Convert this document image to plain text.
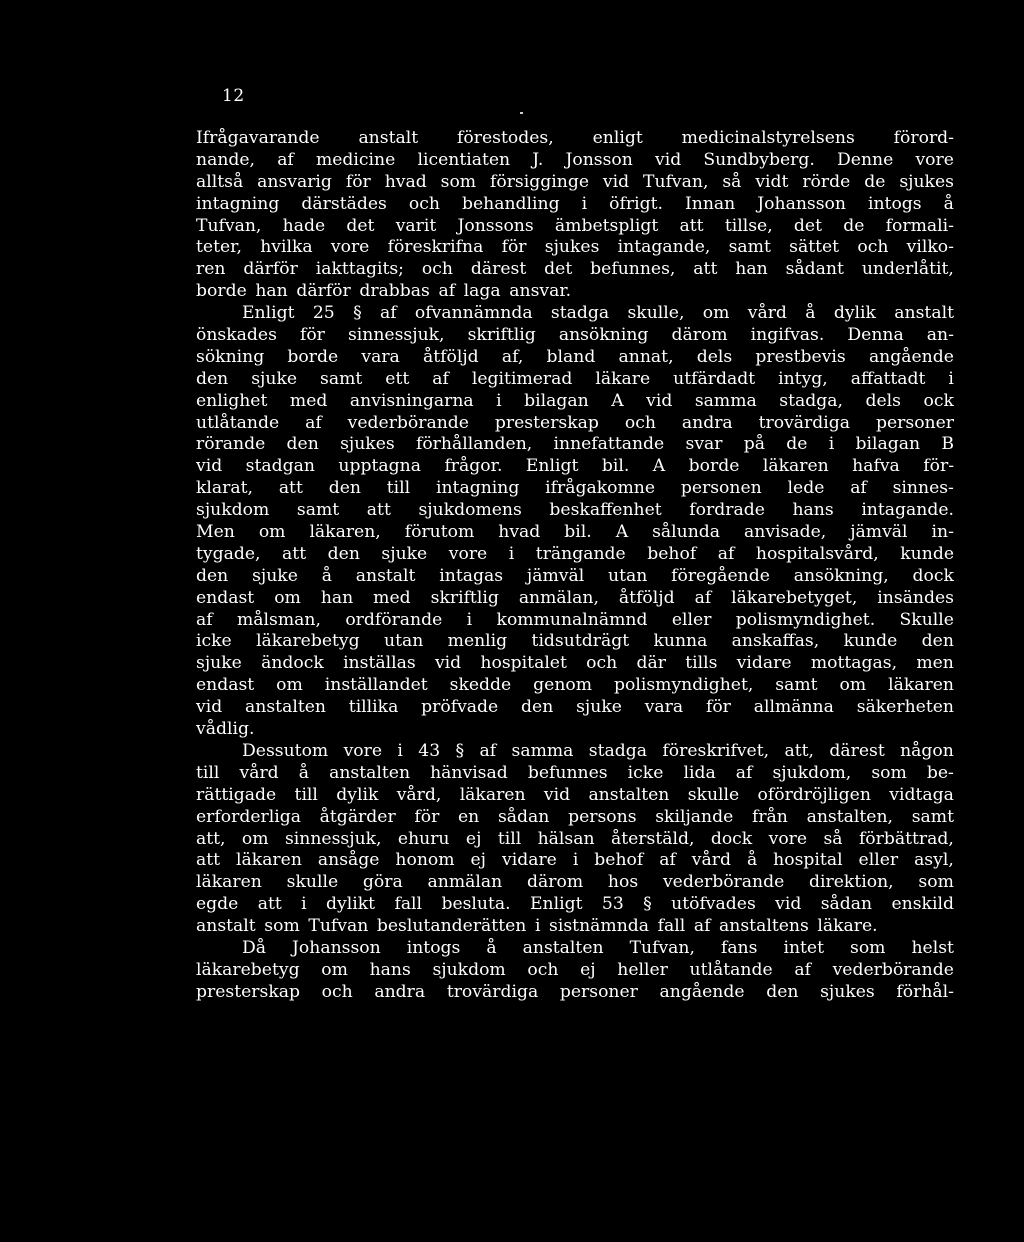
12
Ifrågavarande anstalt förestodes, enligt medicinalstyrelsens förord-
nande, af medicine licentiaten J. Jonsson vid Sundbyberg. Denne vore
alltså ansvarig för hvad som försigginge vid Tufvan, så vidt rörde de sjukes
intagning därstädes och behandling i öfrigt. Innan Johansson intogs å
Tufvan, hade det varit Jonssons ämbetspligt att tillse, det de formali-
teter, hvilka vore föreskrifna för sjukes intagande, samt sättet och vilko-
ren därför iakttagits; och därest det befunnes, att han sådant underlåtit,
borde han därför drabbas af laga ansvar.
Enligt 25 § af ofvannämnda stadga skulle, om vård å dylik anstalt
önskades för sinnessjuk, skriftlig ansökning därom ingifvas. Denna an-
sökning borde vara åtföljd af, bland annat, dels prestbevis angående
den sjuke samt ett af legitimerad läkare utfärdadt intyg, affattadt i
enlighet med anvisningarna i bilagan A vid samma stadga, dels ock
utlåtande af vederbörande presterskap och andra trovärdiga personer
rörande den sjukes förhållanden, innefattande svar på de i bilagan B
vid stadgan upptagna frågor. Enligt bil. A borde läkaren hafva för-
klarat, att den till intagning ifrågakomne personen lede af sinnes-
sjukdom samt att sjukdomens beskaffenhet fordrade hans intagande.
Men om läkaren, förutom hvad bil. A sålunda anvisade, jämväl in-
tygade, att den sjuke vore i trängande behof af hospitalsvård, kunde
den sjuke å anstalt intagas jämväl utan föregående ansökning, dock
endast om han med skriftlig anmälan, åtföljd af läkarebetyget, insändes
af målsman, ordförande i kommunalnämnd eller polismyndighet. Skulle
icke läkarebetyg utan menlig tidsutdrägt kunna anskaffas, kunde den
sjuke ändock inställas vid hospitalet och där tills vidare mottagas, men
endast om inställandet skedde genom polismyndighet, samt om läkaren
vid anstalten tillika pröfvade den sjuke vara för allmänna säkerheten
vådlig.
Dessutom vore i 43 § af samma stadga föreskrifvet, att, därest någon
till vård å anstalten hänvisad befunnes icke lida af sjukdom, som be-
rättigade till dylik vård, läkaren vid anstalten skulle ofördröjligen vidtaga
erforderliga åtgärder för en sådan persons skiljande från anstalten, samt
att, om sinnessjuk, ehuru ej till hälsan återstäld, dock vore så förbättrad,
att läkaren ansåge honom ej vidare i behof af vård å hospital eller asyl,
läkaren skulle göra anmälan därom hos vederbörande direktion, som
egde att i dylikt fall besluta. Enligt 53 § utöfvades vid sådan enskild
anstalt som Tufvan beslutanderätten i sistnämnda fall af anstaltens läkare.
Då Johansson intogs å anstalten Tufvan, fans intet som helst
läkarebetyg om hans sjukdom och ej heller utlåtande af vederbörande
presterskap och andra trovärdiga personer angående den sjukes förhål-
